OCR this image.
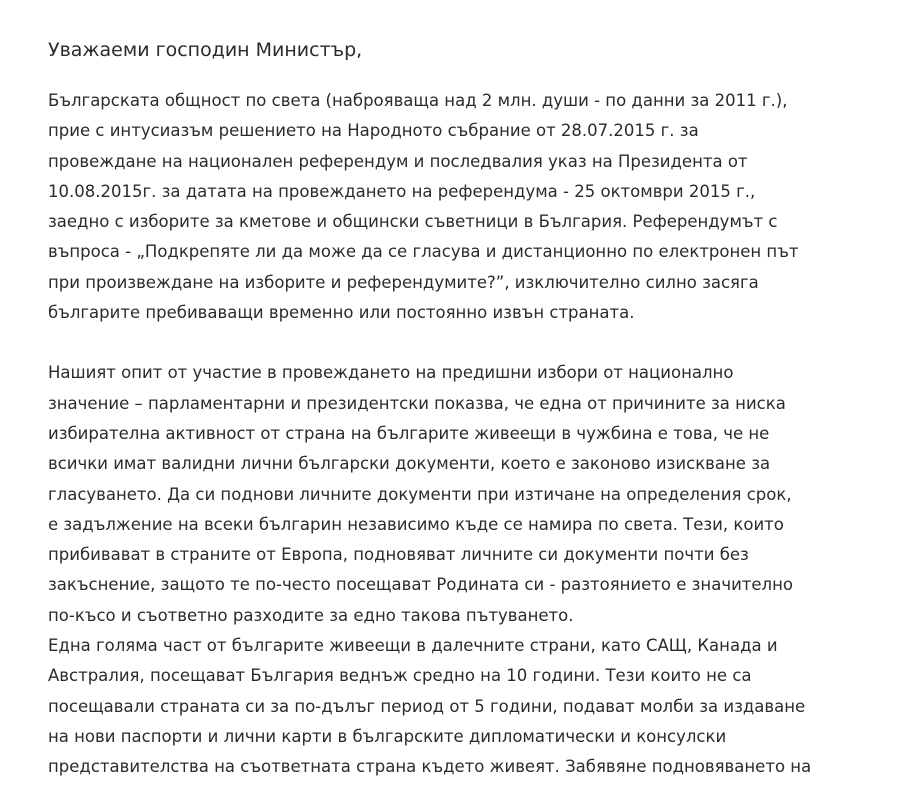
Уважаеми господин Министър,
Българската общност по света (наброяваща над 2 млн. души - по данни за 2011 г.),
прие с интусиазъм решението на Народното събрание от 28.07.2015 г. за
провеждане на национален референдум и последвалия указ на Президента от
10.08.2015г. за датата на провеждането на референдума - 25 октомври 2015 г.,
заедно с изборите за кметове и общински съветници в България. Референдумът с
въпроса - „Подкрепяте ли да може да се гласува и дистанционно по електронен път
при произвеждане на изборите и референдумите?”, изключително силно засяга
българите пребиваващи временно или постоянно извън страната.
Нашият опит от участие в провеждането на предишни избори от национално
значение – парламентарни и президентски показва, че една от причините за ниска
избирателна активност от страна на българите живеещи в чужбина е това, че не
всички имат валидни лични български документи, което е законово изискване за
гласуването. Да си поднови личните документи при изтичане на определения срок,
е задължение на всеки българин независимо къде се намира по света. Тези, които
прибивават в страните от Европа, подновяват личните си документи почти без
закъснение, защото те по-често посещават Родината си - разтоянието е значително
по-късо и съответно разходите за едно такова пътуването.
Една голяма част от българите живеещи в далечните страни, като САЩ, Канада и
Австралия, посещават България веднъж средно на 10 години. Тези които не са
посещавали страната си за по-дълъг период от 5 години, подават молби за издаване
на нови паспорти и лични карти в българските дипломатически и консулски
представителства на съответната страна където живеят. Забявяне подновяването на
